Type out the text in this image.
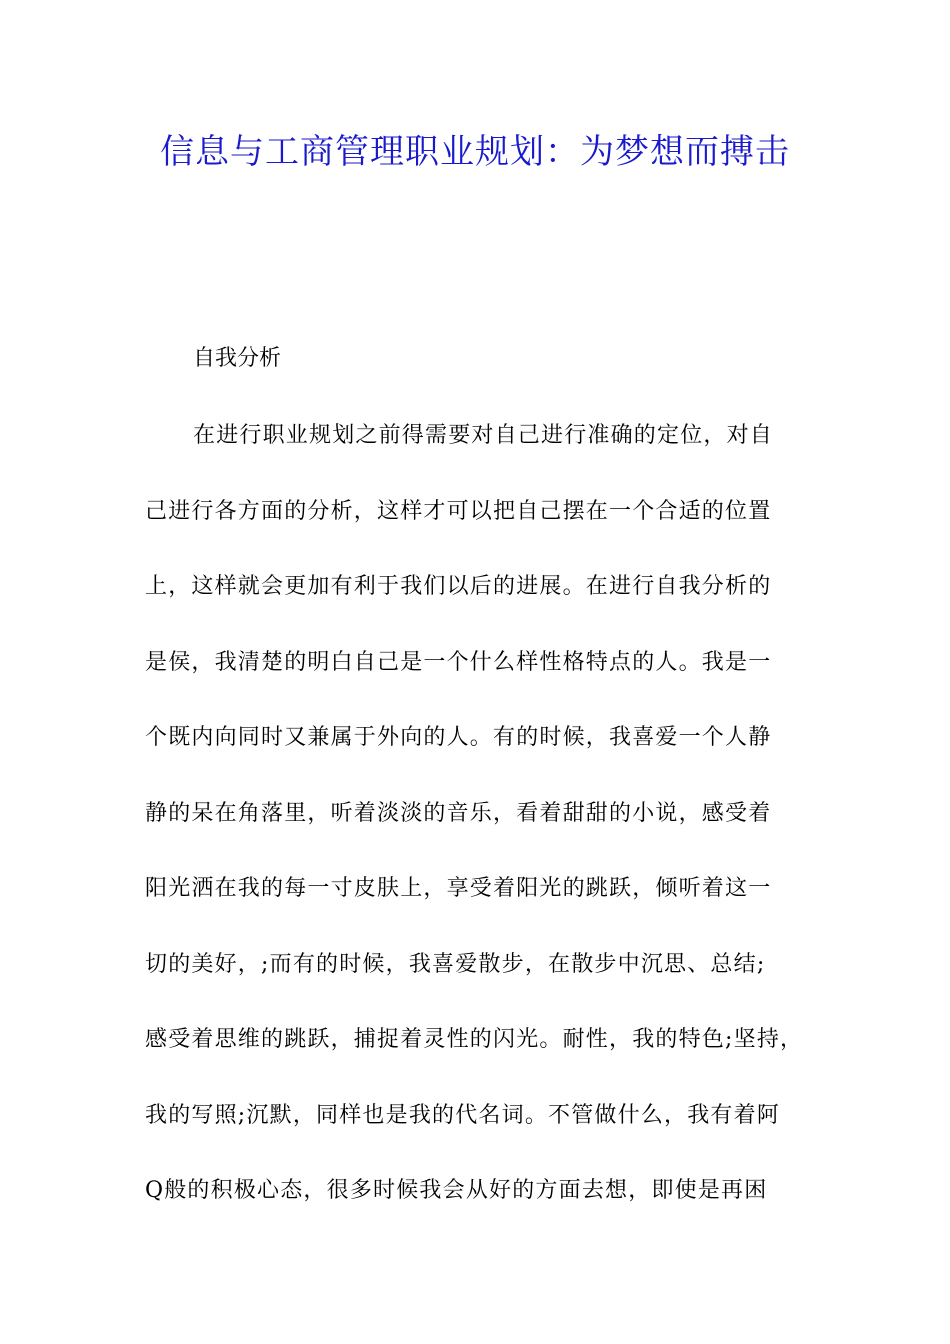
信息与工商管理职业规划：为梦想而搏击
自我分析
在进行职业规划之前得需要对自己进行准确的定位，对自
己进行各方面的分析，这样才可以把自己摆在一个合适的位置
上，这样就会更加有利于我们以后的进展。在进行自我分析的
是侯，我清楚的明白自己是一个什么样性格特点的人。我是一
个既内向同时又兼属于外向的人。有的时候，我喜爱一个人静
静的呆在角落里，听着淡淡的音乐，看着甜甜的小说，感受着
阳光洒在我的每一寸皮肤上，享受着阳光的跳跃，倾听着这一
切的美好，;而有的时候，我喜爱散步，在散步中沉思、总结;
感受着思维的跳跃，捕捉着灵性的闪光。耐性，我的特色;坚持，
我的写照;沉默，同样也是我的代名词。不管做什么，我有着阿
Q般的积极心态，很多时候我会从好的方面去想，即使是再困
